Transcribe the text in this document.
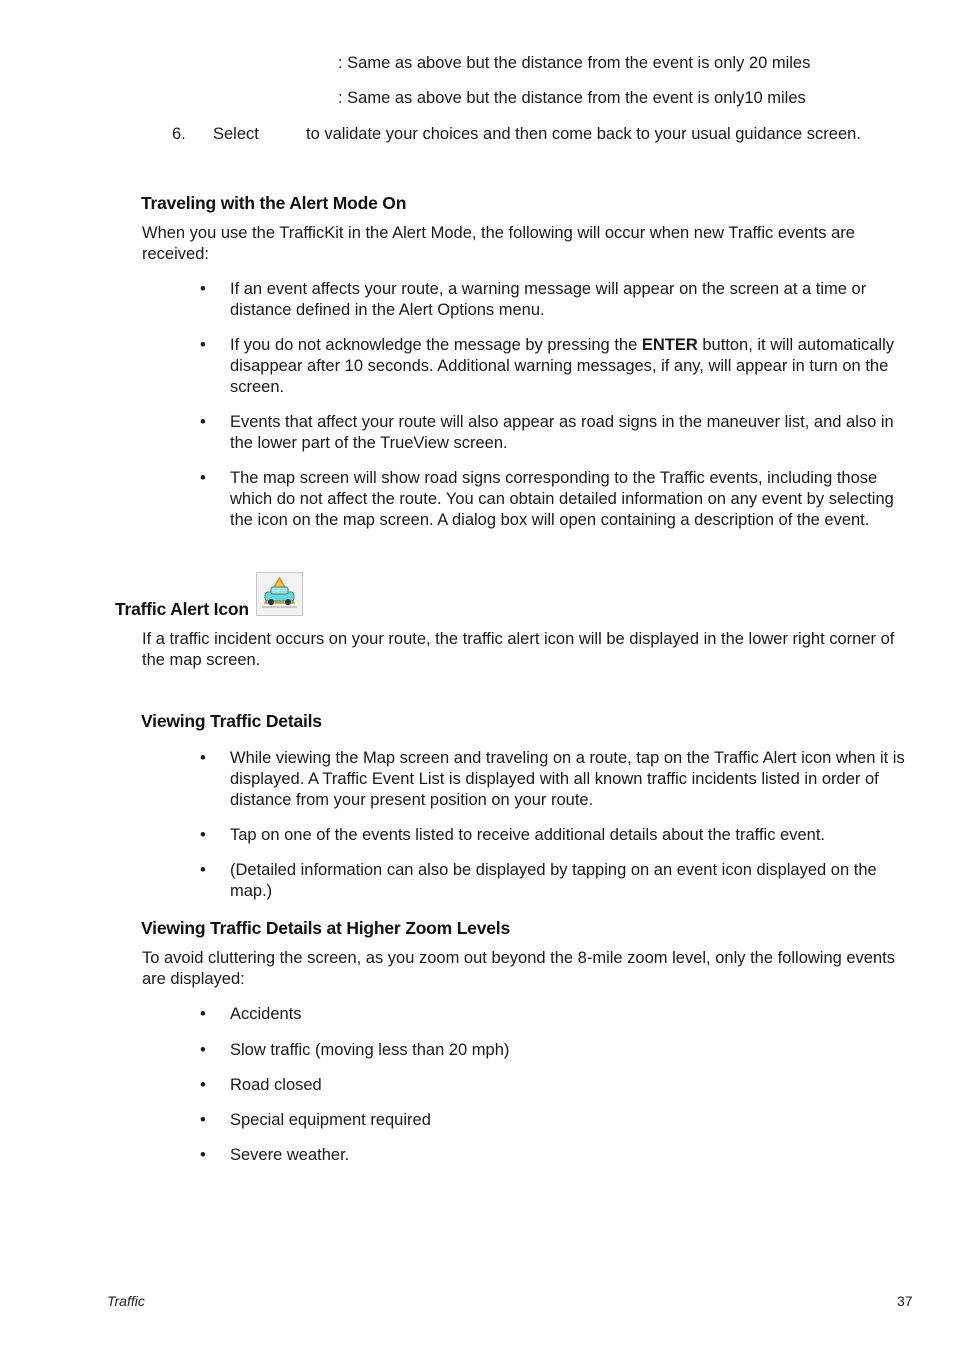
: Same as above but the distance from the event is only 20 miles
: Same as above but the distance from the event is only10 miles
6. Select	to validate your choices and then come back to your usual guidance screen.
Traveling with the Alert Mode On
When you use the TrafficKit in the Alert Mode, the following will occur when new Traffic events are received:
•	If an event affects your route, a warning message will appear on the screen at a time or distance defined in the Alert Options menu.
•	If you do not acknowledge the message by pressing the ENTER button, it will automatically disappear after 10 seconds. Additional warning messages, if any, will appear in turn on the screen.
•	Events that affect your route will also appear as road signs in the maneuver list, and also in the lower part of the TrueView screen.
•	The map screen will show road signs corresponding to the Traffic events, including those which do not affect the route. You can obtain detailed information on any event by selecting the icon on the map screen. A dialog box will open containing a description of the event.
Traffic Alert Icon
If a traffic incident occurs on your route, the traffic alert icon will be displayed in the lower right corner of the map screen.
Viewing Traffic Details
•	While viewing the Map screen and traveling on a route, tap on the Traffic Alert icon when it is displayed. A Traffic Event List is displayed with all known traffic incidents listed in order of distance from your present position on your route.
•	Tap on one of the events listed to receive additional details about the traffic event.
•	(Detailed information can also be displayed by tapping on an event icon displayed on the map.)
Viewing Traffic Details at Higher Zoom Levels
To avoid cluttering the screen, as you zoom out beyond the 8-mile zoom level, only the following events are displayed:
•	Accidents
•	Slow traffic (moving less than 20 mph)
•	Road closed
•	Special equipment required
•	Severe weather.
Traffic	37
